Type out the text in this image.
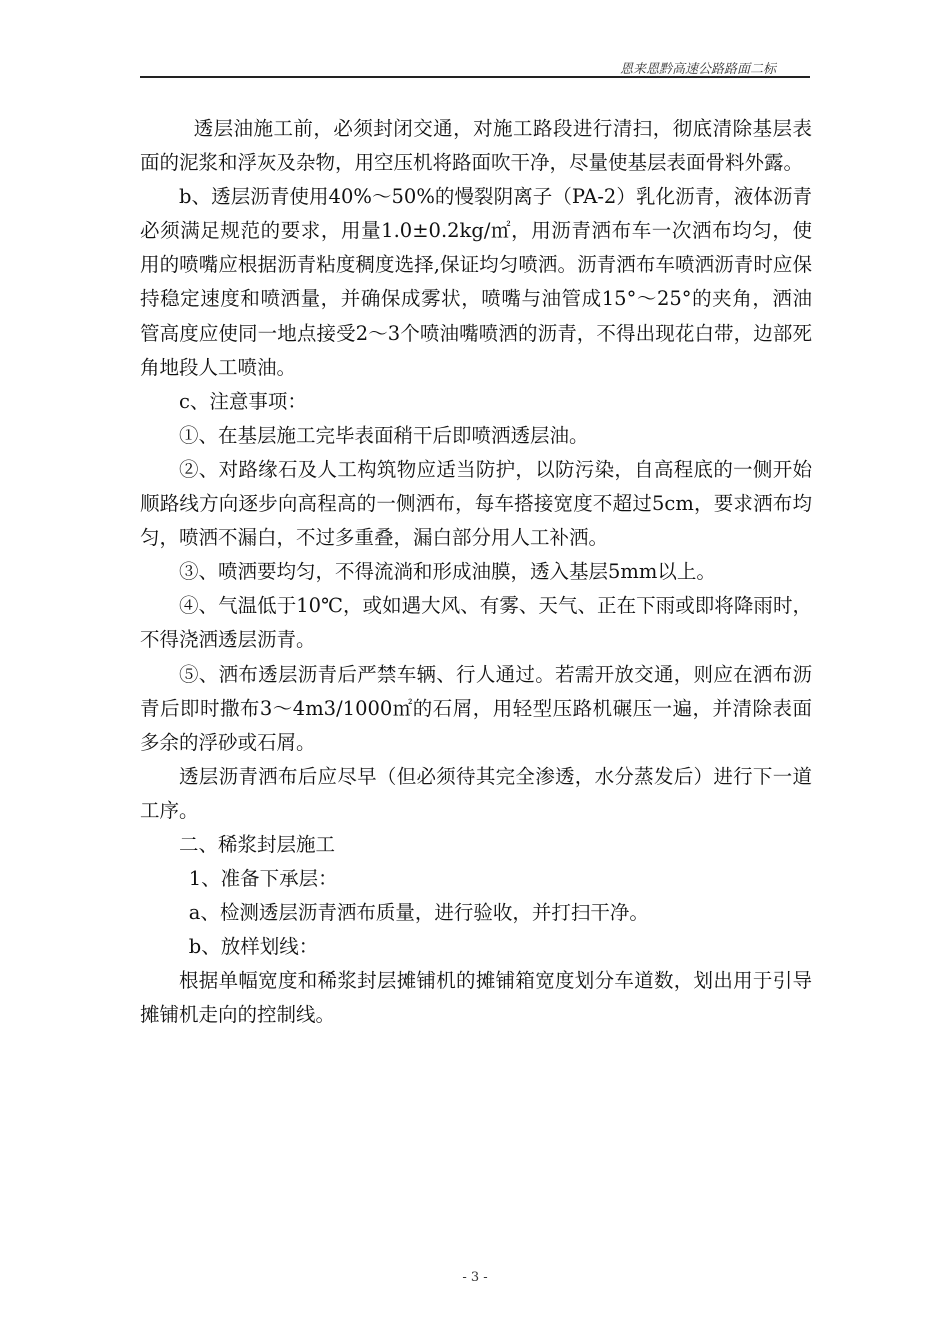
恩来恩黔高速公路路面二标

透层油施工前，必须封闭交通，对施工路段进行清扫，彻底清除基层表面的泥浆和浮灰及杂物，用空压机将路面吹干净，尽量使基层表面骨料外露。

b、透层沥青使用40%～50%的慢裂阴离子（PA-2）乳化沥青，液体沥青必须满足规范的要求，用量1.0±0.2kg/㎡，用沥青洒布车一次洒布均匀，使用的喷嘴应根据沥青粘度稠度选择,保证均匀喷洒。沥青洒布车喷洒沥青时应保持稳定速度和喷洒量，并确保成雾状，喷嘴与油管成15°～25°的夹角，洒油管高度应使同一地点接受2～3个喷油嘴喷洒的沥青，不得出现花白带，边部死角地段人工喷油。

c、注意事项：

①、在基层施工完毕表面稍干后即喷洒透层油。

②、对路缘石及人工构筑物应适当防护，以防污染，自高程底的一侧开始顺路线方向逐步向高程高的一侧洒布，每车搭接宽度不超过5cm，要求洒布均匀，喷洒不漏白，不过多重叠，漏白部分用人工补洒。

③、喷洒要均匀，不得流淌和形成油膜，透入基层5mm以上。

④、气温低于10℃，或如遇大风、有雾、天气、正在下雨或即将降雨时，不得浇洒透层沥青。

⑤、洒布透层沥青后严禁车辆、行人通过。若需开放交通，则应在洒布沥青后即时撒布3～4m3/1000㎡的石屑，用轻型压路机碾压一遍，并清除表面多余的浮砂或石屑。

透层沥青洒布后应尽早（但必须待其完全渗透，水分蒸发后）进行下一道工序。

二、稀浆封层施工

1、准备下承层：

a、检测透层沥青洒布质量，进行验收，并打扫干净。

b、放样划线：

根据单幅宽度和稀浆封层摊铺机的摊铺箱宽度划分车道数，划出用于引导摊铺机走向的控制线。

- 3 -
